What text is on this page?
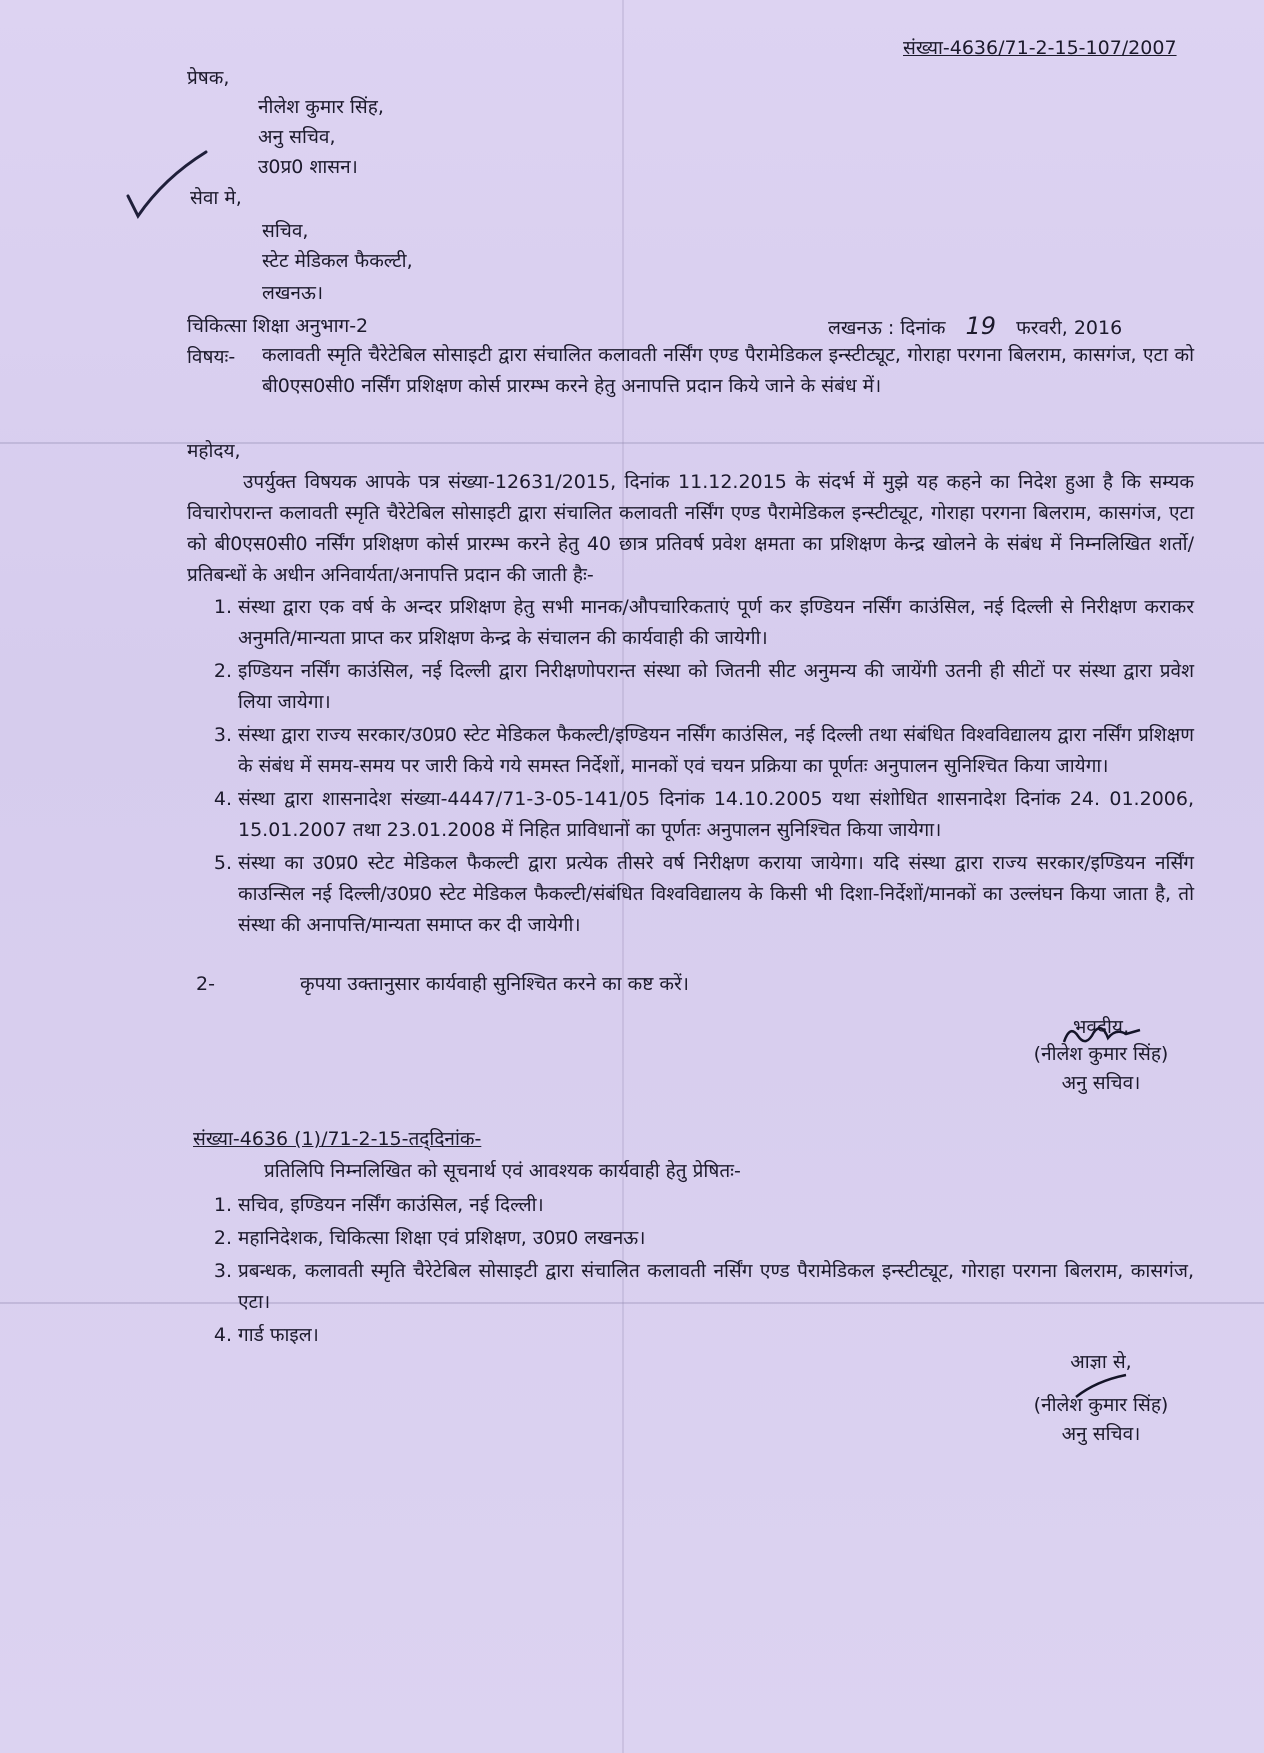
संख्या-4636/71-2-15-107/2007
प्रेषक,
नीलेश कुमार सिंह,
अनु सचिव,
उ0प्र0 शासन।
सेवा मे,
सचिव,
स्टेट मेडिकल फैकल्टी,
लखनऊ।
चिकित्सा शिक्षा अनुभाग-2	लखनऊ : दिनांक 19 फरवरी, 2016
विषयः- कलावती स्मृति चैरेटेबिल सोसाइटी द्वारा संचालित कलावती नर्सिंग एण्ड पैरामेडिकल इन्स्टीट्यूट, गोराहा परगना बिलराम, कासगंज, एटा को बी0एस0सी0 नर्सिंग प्रशिक्षण कोर्स प्रारम्भ करने हेतु अनापत्ति प्रदान किये जाने के संबंध में।
महोदय,
उपर्युक्त विषयक आपके पत्र संख्या-12631/2015, दिनांक 11.12.2015 के संदर्भ में मुझे यह कहने का निदेश हुआ है कि सम्यक विचारोपरान्त कलावती स्मृति चैरेटेबिल सोसाइटी द्वारा संचालित कलावती नर्सिंग एण्ड पैरामेडिकल इन्स्टीट्यूट, गोराहा परगना बिलराम, कासगंज, एटा को बी0एस0सी0 नर्सिंग प्रशिक्षण कोर्स प्रारम्भ करने हेतु 40 छात्र प्रतिवर्ष प्रवेश क्षमता का प्रशिक्षण केन्द्र खोलने के संबंध में निम्नलिखित शर्तो/प्रतिबन्धों के अधीन अनिवार्यता/अनापत्ति प्रदान की जाती हैः-
1. संस्था द्वारा एक वर्ष के अन्दर प्रशिक्षण हेतु सभी मानक/औपचारिकताएं पूर्ण कर इण्डियन नर्सिंग काउंसिल, नई दिल्ली से निरीक्षण कराकर अनुमति/मान्यता प्राप्त कर प्रशिक्षण केन्द्र के संचालन की कार्यवाही की जायेगी।
2. इण्डियन नर्सिंग काउंसिल, नई दिल्ली द्वारा निरीक्षणोपरान्त संस्था को जितनी सीट अनुमन्य की जायेंगी उतनी ही सीटों पर संस्था द्वारा प्रवेश लिया जायेगा।
3. संस्था द्वारा राज्य सरकार/उ0प्र0 स्टेट मेडिकल फैकल्टी/इण्डियन नर्सिंग काउंसिल, नई दिल्ली तथा संबंधित विश्वविद्यालय द्वारा नर्सिंग प्रशिक्षण के संबंध में समय-समय पर जारी किये गये समस्त निर्देशों, मानकों एवं चयन प्रक्रिया का पूर्णतः अनुपालन सुनिश्चित किया जायेगा।
4. संस्था द्वारा शासनादेश संख्या-4447/71-3-05-141/05 दिनांक 14.10.2005 यथा संशोधित शासनादेश दिनांक 24. 01.2006, 15.01.2007 तथा 23.01.2008 में निहित प्राविधानों का पूर्णतः अनुपालन सुनिश्चित किया जायेगा।
5. संस्था का उ0प्र0 स्टेट मेडिकल फैकल्टी द्वारा प्रत्येक तीसरे वर्ष निरीक्षण कराया जायेगा। यदि संस्था द्वारा राज्य सरकार/इण्डियन नर्सिंग काउन्सिल नई दिल्ली/उ0प्र0 स्टेट मेडिकल फैकल्टी/संबंधित विश्वविद्यालय के किसी भी दिशा-निर्देशों/मानकों का उल्लंघन किया जाता है, तो संस्था की अनापत्ति/मान्यता समाप्त कर दी जायेगी।
2-	कृपया उक्तानुसार कार्यवाही सुनिश्चित करने का कष्ट करें।
भवदीय,
(नीलेश कुमार सिंह)
अनु सचिव।
संख्या-4636 (1)/71-2-15-तद्‌दिनांक-
प्रतिलिपि निम्नलिखित को सूचनार्थ एवं आवश्यक कार्यवाही हेतु प्रेषितः-
1. सचिव, इण्डियन नर्सिंग काउंसिल, नई दिल्ली।
2. महानिदेशक, चिकित्सा शिक्षा एवं प्रशिक्षण, उ0प्र0 लखनऊ।
3. प्रबन्धक, कलावती स्मृति चैरेटेबिल सोसाइटी द्वारा संचालित कलावती नर्सिंग एण्ड पैरामेडिकल इन्स्टीट्यूट, गोराहा परगना बिलराम, कासगंज, एटा।
4. गार्ड फाइल।
आज्ञा से,
(नीलेश कुमार सिंह)
अनु सचिव।
